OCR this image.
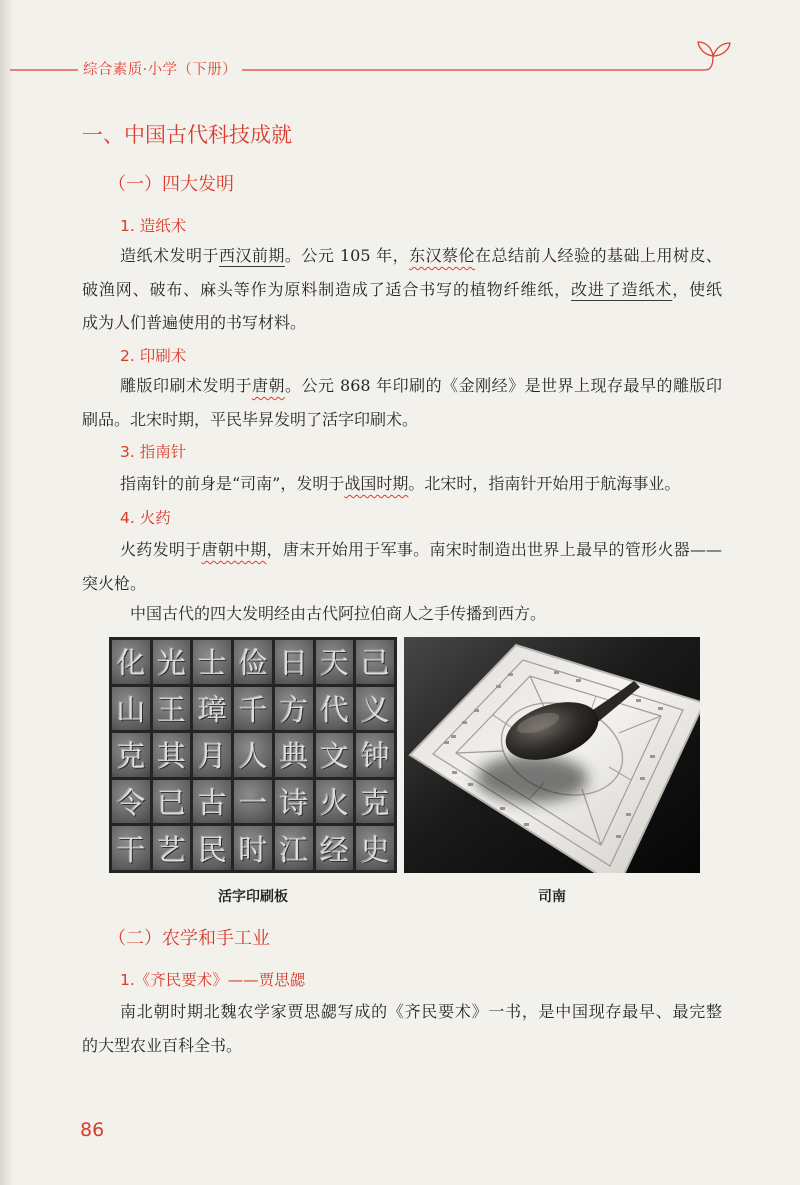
综合素质·小学（下册）
一、中国古代科技成就
（一）四大发明
1. 造纸术
造纸术发明于西汉前期。公元 105 年，东汉蔡伦在总结前人经验的基础上用树皮、
破渔网、破布、麻头等作为原料制造成了适合书写的植物纤维纸，改进了造纸术，使纸
成为人们普遍使用的书写材料。
2. 印刷术
雕版印刷术发明于唐朝。公元 868 年印刷的《金刚经》是世界上现存最早的雕版印
刷品。北宋时期，平民毕昇发明了活字印刷术。
3. 指南针
指南针的前身是“司南”，发明于战国时期。北宋时，指南针开始用于航海事业。
4. 火药
火药发明于唐朝中期，唐末开始用于军事。南宋时制造出世界上最早的管形火器——
突火枪。
中国古代的四大发明经由古代阿拉伯商人之手传播到西方。
化 光 士 俭 日 天 己
山 王 璋 千 方 代 义
克 其 月 人 典 文 钟
令 已 古 一 诗 火 克
干 艺 民 时 江 经 史
活字印刷板	司南
（二）农学和手工业
1.《齐民要术》——贾思勰
南北朝时期北魏农学家贾思勰写成的《齐民要术》一书，是中国现存最早、最完整
的大型农业百科全书。
86
